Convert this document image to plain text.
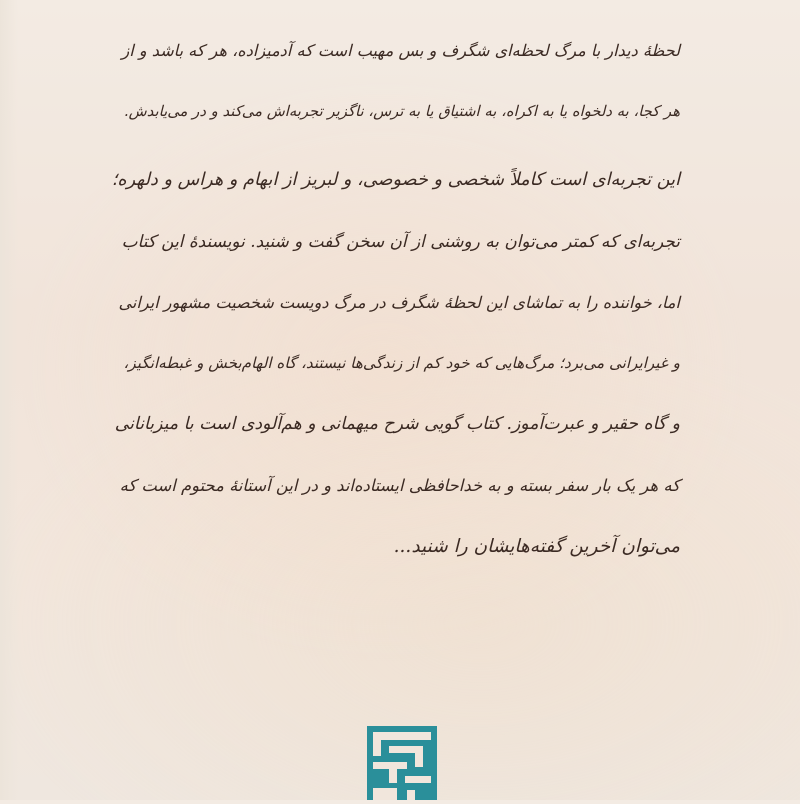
لحظهٔ دیدار با مرگ لحظه‌ای شگرف و بس مهیب است که آدمیزاده، هر که باشد و از
هر کجا، به دلخواه یا به اکراه، به اشتیاق یا به ترس، ناگزیر تجربه‌اش می‌کند و در می‌یابدش.
این تجربه‌ای است کاملاً شخصی و خصوصی، و لبریز از ابهام و هراس و دلهره؛
تجربه‌ای که کمتر می‌توان به روشنی از آن سخن گفت و شنید. نویسندهٔ این کتاب
اما، خواننده را به تماشای این لحظهٔ شگرف در مرگ دویست شخصیت مشهور ایرانی
و غیرایرانی می‌برد؛ مرگ‌هایی که خود کم از زندگی‌ها نیستند، گاه الهام‌بخش و غبطه‌انگیز،
و گاه حقیر و عبرت‌آموز. کتاب گویی شرح میهمانی و هم‌آلودی است با میزبانانی
که هر یک بار سفر بسته و به خداحافظی ایستاده‌اند و در این آستانهٔ محتوم است که
می‌توان آخرین گفته‌هایشان را شنید...
